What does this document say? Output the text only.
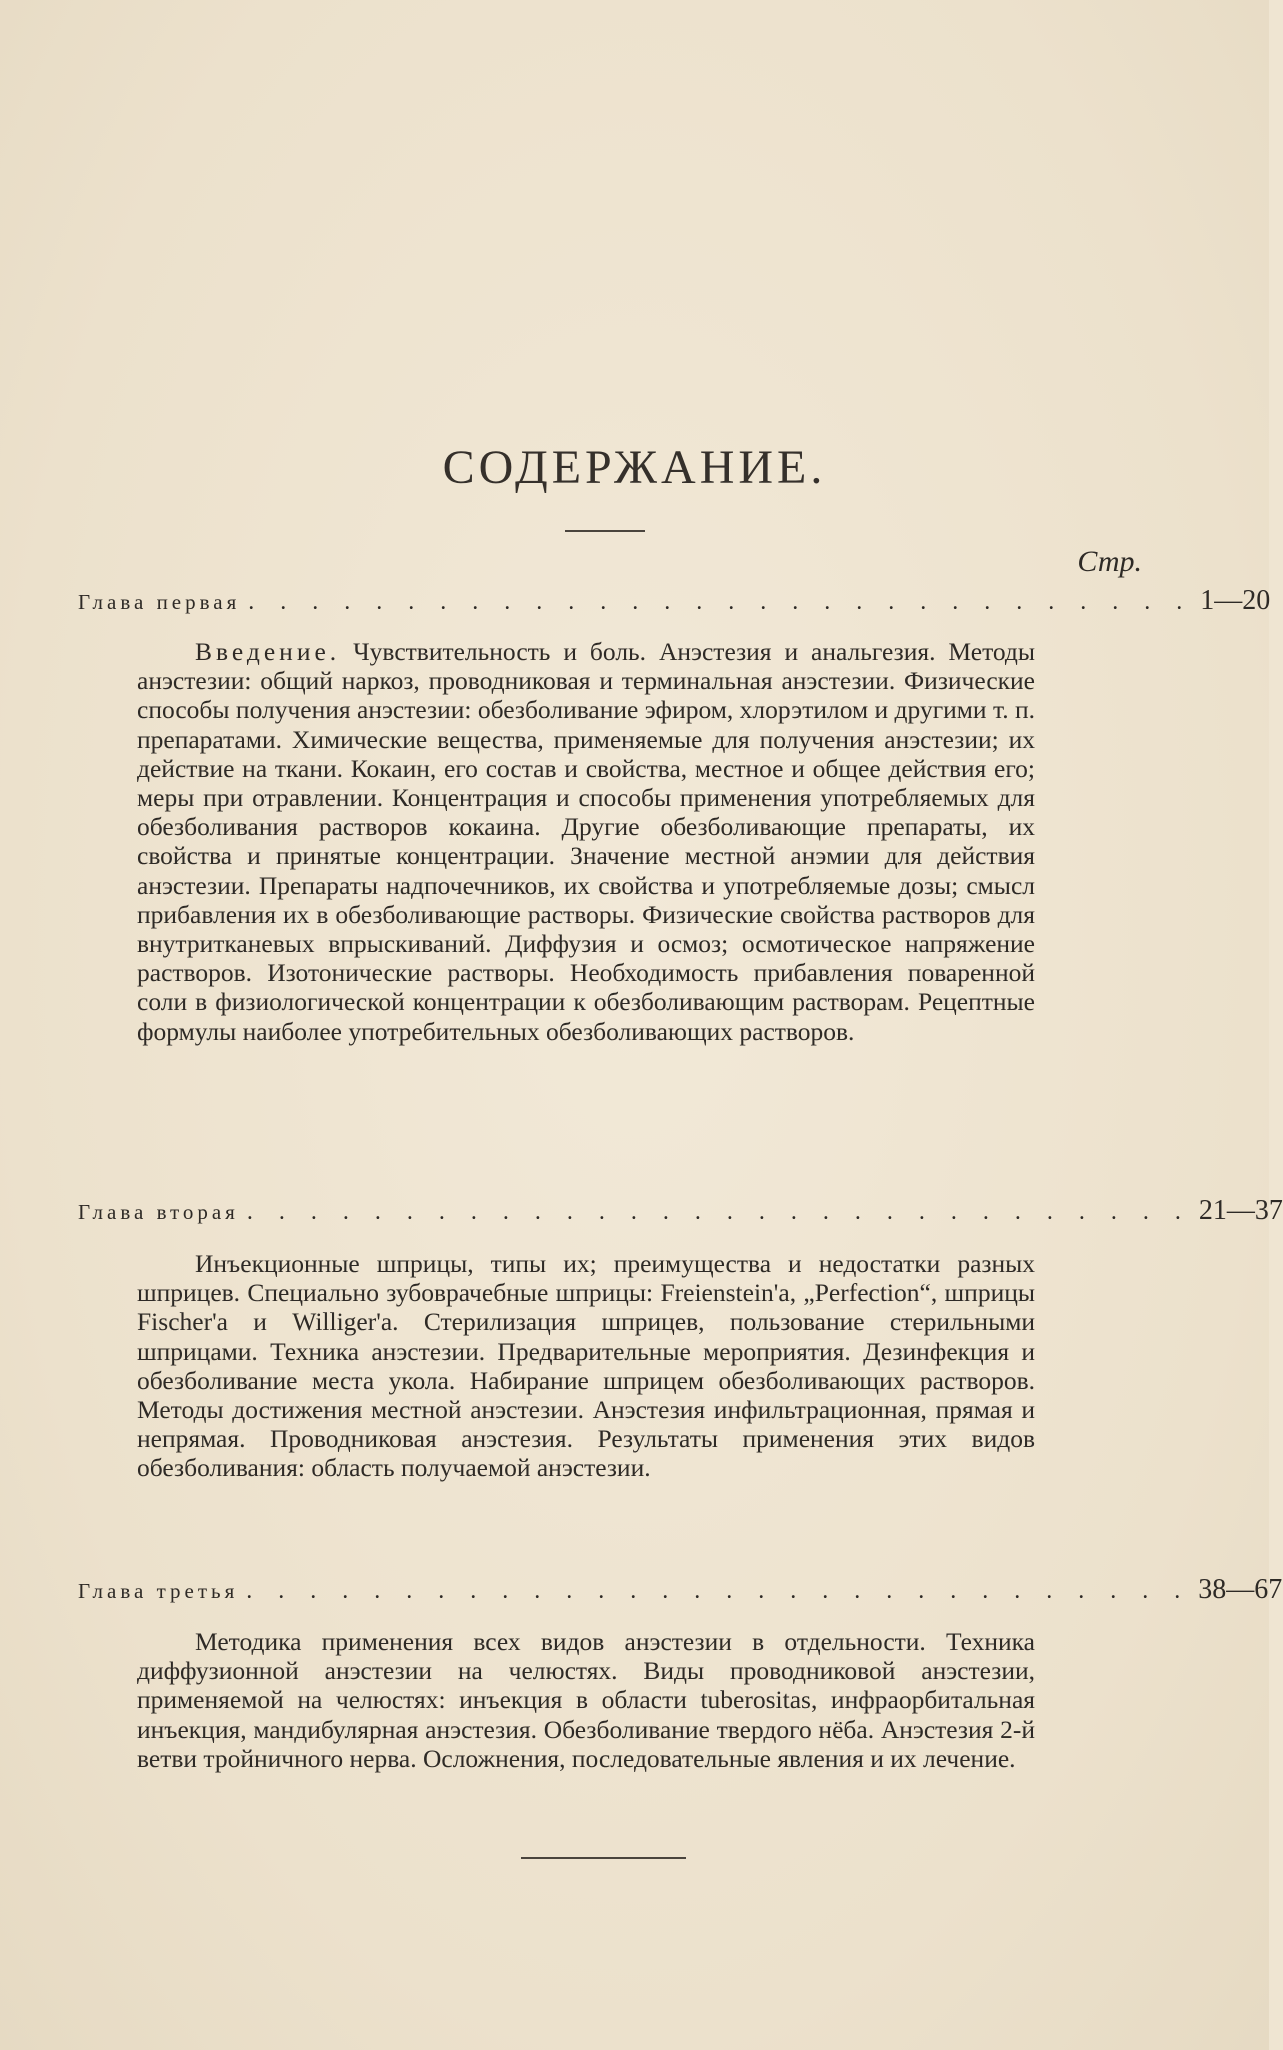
СОДЕРЖАНИЕ.
Стр.
Глава первая . . . . . . . . . . . . . . . . . . . . . . . . . . . . . . 1—20
Введение. Чувствительность и боль. Анэстезия и анальгезия. Методы анэстезии: общий наркоз, проводниковая и терминальная анэстезии. Физические способы получения анэстезии: обезболивание эфиром, хлорэтилом и другими т. п. препаратами. Химические вещества, применяемые для получения анэстезии; их действие на ткани. Кокаин, его состав и свойства, местное и общее действия его; меры при отравлении. Концентрация и способы применения употребляемых для обезболивания растворов кокаина. Другие обезболивающие препараты, их свойства и принятые концентрации. Значение местной анэмии для действия анэстезии. Препараты надпочечников, их свойства и употребляемые дозы; смысл прибавления их в обезболивающие растворы. Физические свойства растворов для внутритканевых впрыскиваний. Диффузия и осмоз; осмотическое напряжение растворов. Изотонические растворы. Необходимость прибавления поваренной соли в физиологической концентрации к обезболивающим растворам. Рецептные формулы наиболее употребительных обезболивающих растворов.
Глава вторая . . . . . . . . . . . . . . . . . . . . . . . . . . . . . . 21—37
Инъекционные шприцы, типы их; преимущества и недостатки разных шприцев. Специально зубоврачебные шприцы: Freienstein'a, „Perfection“, шприцы Fischer'a и Williger'a. Стерилизация шприцев, пользование стерильными шприцами. Техника анэстезии. Предварительные мероприятия. Дезинфекция и обезболивание места укола. Набирание шприцем обезболивающих растворов. Методы достижения местной анэстезии. Анэстезия инфильтрационная, прямая и непрямая. Проводниковая анэстезия. Результаты применения этих видов обезболивания: область получаемой анэстезии.
Глава третья . . . . . . . . . . . . . . . . . . . . . . . . . . . . . . 38—67
Методика применения всех видов анэстезии в отдельности. Техника диффузионной анэстезии на челюстях. Виды проводниковой анэстезии, применяемой на челюстях: инъекция в области tuberositas, инфраорбитальная инъекция, мандибулярная анэстезия. Обезболивание твердого нёба. Анэстезия 2-й ветви тройничного нерва. Осложнения, последовательные явления и их лечение.
